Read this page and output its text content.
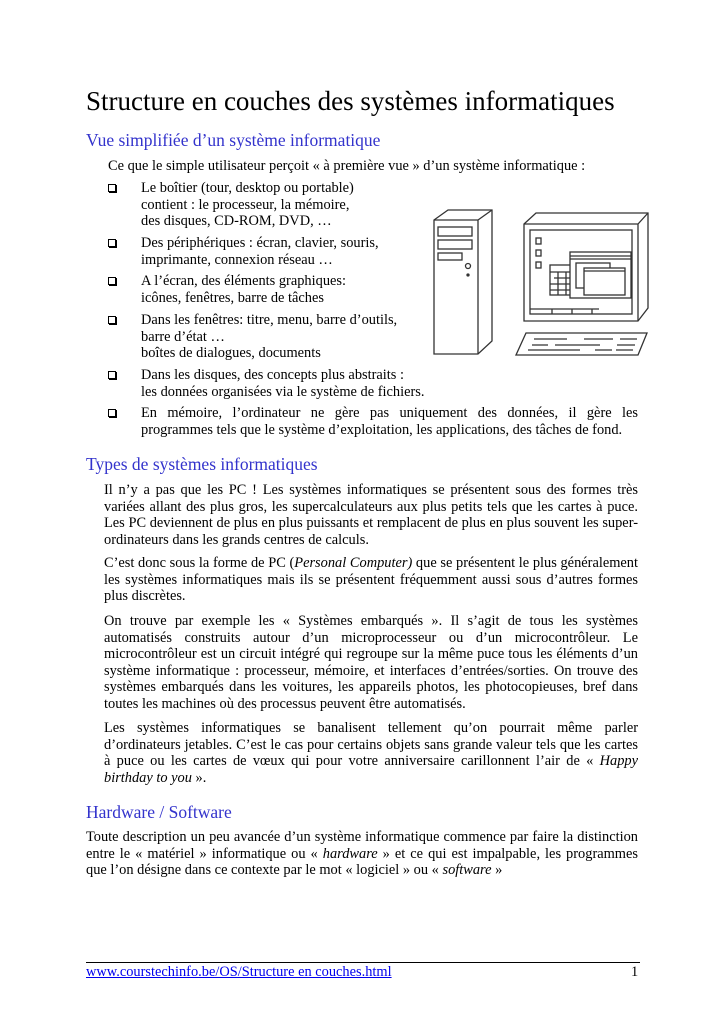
Structure en couches des systèmes informatiques
Vue simplifiée d’un système informatique
Ce que le simple utilisateur perçoit « à première vue » d’un système informatique :
Le boîtier (tour, desktop ou portable)
contient : le processeur, la mémoire,
des disques, CD-ROM, DVD, …
Des périphériques : écran, clavier, souris,
imprimante, connexion réseau …
A l’écran, des éléments graphiques:
icônes, fenêtres, barre de tâches
Dans les fenêtres: titre, menu, barre d’outils,
barre d’état …
boîtes de dialogues, documents
Dans les disques, des concepts plus abstraits :
les données organisées via le système de fichiers.
En mémoire, l’ordinateur ne gère pas uniquement des données, il gère les programmes tels que le système d’exploitation, les applications, des tâches de fond.
Types de systèmes informatiques

Il n’y a pas que les PC ! Les systèmes informatiques se présentent sous des formes très variées allant des plus gros, les supercalculateurs aux plus petits tels que les cartes à puce. Les PC deviennent de plus en plus puissants et remplacent de plus en plus souvent les super-ordinateurs dans les grands centres de calculs.

C’est donc sous la forme de PC (Personal Computer) que se présentent le plus généralement les systèmes informatiques mais ils se présentent fréquemment aussi sous d’autres formes plus discrètes.

On trouve par exemple les « Systèmes embarqués ». Il s’agit de tous les systèmes automatisés construits autour d’un microprocesseur ou d’un microcontrôleur. Le microcontrôleur est un circuit intégré qui regroupe sur la même puce tous les éléments d’un système informatique : processeur, mémoire, et interfaces d’entrées/sorties. On trouve des systèmes embarqués dans les voitures, les appareils photos, les photocopieuses, bref dans toutes les machines où des processus peuvent être automatisés.

Les systèmes informatiques se banalisent tellement qu’on pourrait même parler d’ordinateurs jetables. C’est le cas pour certains objets sans grande valeur tels que les cartes à puce ou les cartes de vœux qui pour votre anniversaire carillonnent l’air de « Happy birthday to you ».

Hardware / Software

Toute description un peu avancée d’un système informatique commence par faire la distinction entre le « matériel » informatique ou « hardware » et ce qui est impalpable, les programmes que l’on désigne dans ce contexte par le mot « logiciel » ou « software »

www.courstechinfo.be/OS/Structure en couches.html	1
